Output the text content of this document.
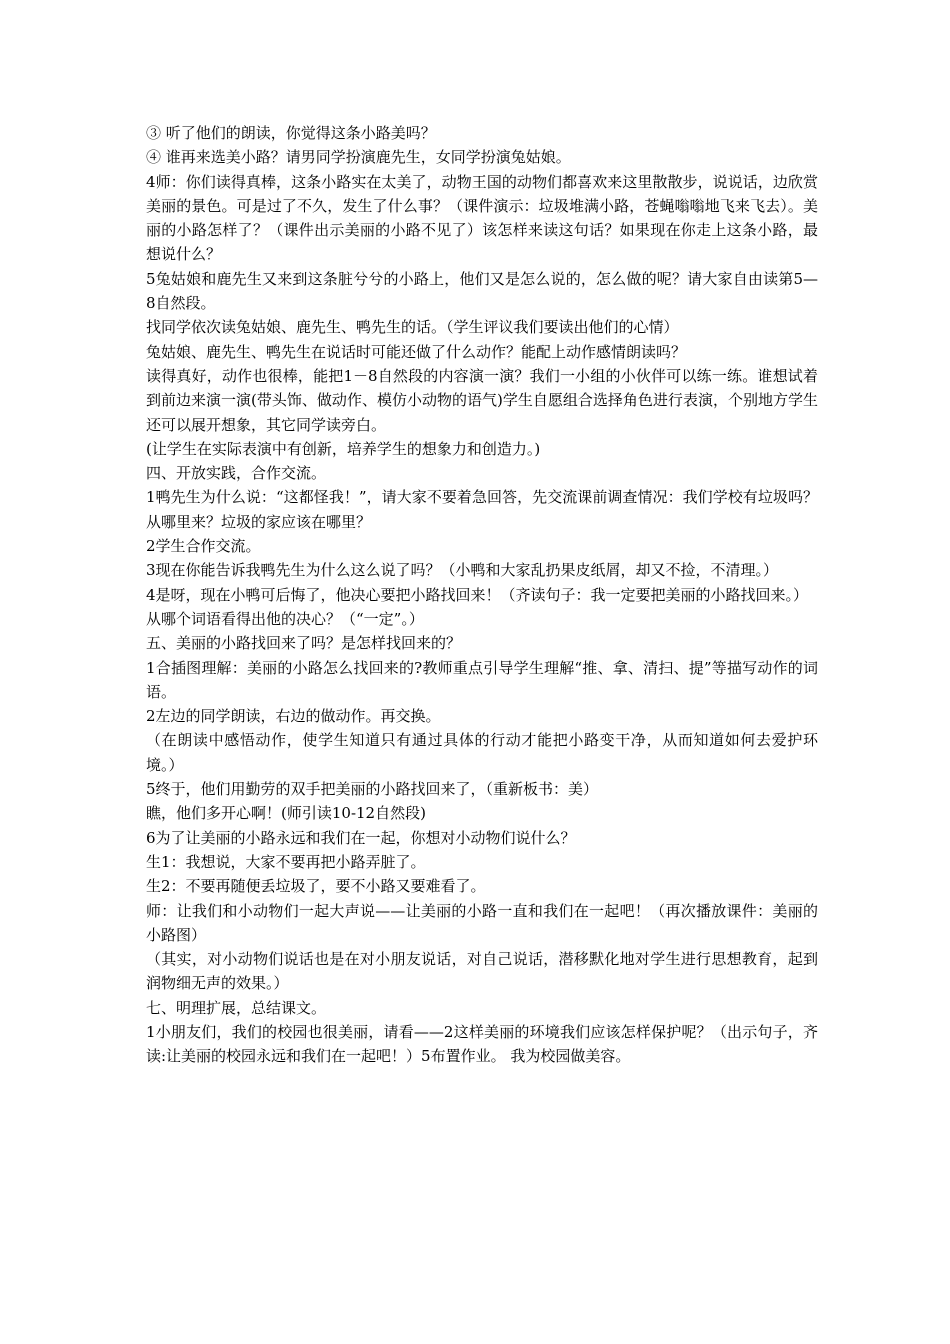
③ 听了他们的朗读，你觉得这条小路美吗？

④ 谁再来选美小路？请男同学扮演鹿先生，女同学扮演兔姑娘。

4师：你们读得真棒，这条小路实在太美了，动物王国的动物们都喜欢来这里散散步，说说话，边欣赏美丽的景色。可是过了不久，发生了什么事？（课件演示：垃圾堆满小路，苍蝇嗡嗡地飞来飞去）。美丽的小路怎样了？（课件出示美丽的小路不见了）该怎样来读这句话？如果现在你走上这条小路，最想说什么？

5兔姑娘和鹿先生又来到这条脏兮兮的小路上，他们又是怎么说的，怎么做的呢？请大家自由读第5—8自然段。

找同学依次读兔姑娘、鹿先生、鸭先生的话。（学生评议我们要读出他们的心情）

兔姑娘、鹿先生、鸭先生在说话时可能还做了什么动作？能配上动作感情朗读吗？

读得真好，动作也很棒，能把1－8自然段的内容演一演？我们一小组的小伙伴可以练一练。谁想试着到前边来演一演(带头饰、做动作、模仿小动物的语气)学生自愿组合选择角色进行表演，个别地方学生还可以展开想象，其它同学读旁白。

(让学生在实际表演中有创新，培养学生的想象力和创造力。)

四、开放实践，合作交流。

1鸭先生为什么说：“这都怪我！”，请大家不要着急回答，先交流课前调查情况：我们学校有垃圾吗？从哪里来？垃圾的家应该在哪里？

2学生合作交流。

3现在你能告诉我鸭先生为什么这么说了吗？（小鸭和大家乱扔果皮纸屑，却又不捡，不清理。）

4是呀，现在小鸭可后悔了，他决心要把小路找回来！（齐读句子：我一定要把美丽的小路找回来。）

从哪个词语看得出他的决心？（“一定”。）

五、美丽的小路找回来了吗？是怎样找回来的？

1合插图理解：美丽的小路怎么找回来的?教师重点引导学生理解“推、拿、清扫、提”等描写动作的词语。

2左边的同学朗读，右边的做动作。再交换。

（在朗读中感悟动作，使学生知道只有通过具体的行动才能把小路变干净，从而知道如何去爱护环境。）

5终于，他们用勤劳的双手把美丽的小路找回来了，（重新板书：美）

瞧，他们多开心啊！(师引读10-12自然段)

6为了让美丽的小路永远和我们在一起，你想对小动物们说什么？

生1：我想说，大家不要再把小路弄脏了。

生2：不要再随便丢垃圾了，要不小路又要难看了。

师：让我们和小动物们一起大声说——让美丽的小路一直和我们在一起吧！（再次播放课件：美丽的小路图）

（其实，对小动物们说话也是在对小朋友说话，对自己说话，潜移默化地对学生进行思想教育，起到润物细无声的效果。）

七、明理扩展，总结课文。

1小朋友们，我们的校园也很美丽，请看——2这样美丽的环境我们应该怎样保护呢？（出示句子，齐读:让美丽的校园永远和我们在一起吧！）5布置作业。 我为校园做美容。
